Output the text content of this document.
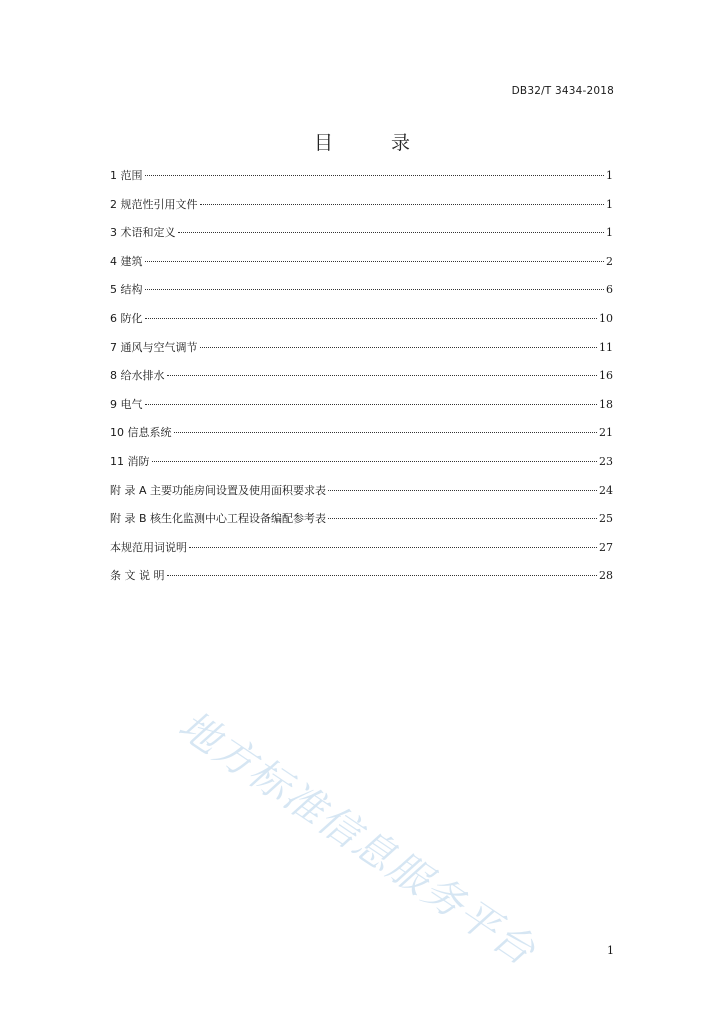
DB32/T 3434-2018
目	录
1 范围	1
2 规范性引用文件	1
3 术语和定义	1
4 建筑	2
5 结构	6
6 防化	10
7 通风与空气调节	11
8 给水排水	16
9 电气	18
10 信息系统	21
11 消防	23
附 录 A 主要功能房间设置及使用面积要求表	24
附 录 B 核生化监测中心工程设备编配参考表	25
本规范用词说明	27
条 文 说 明	28
地方标准信息服务平台	1
